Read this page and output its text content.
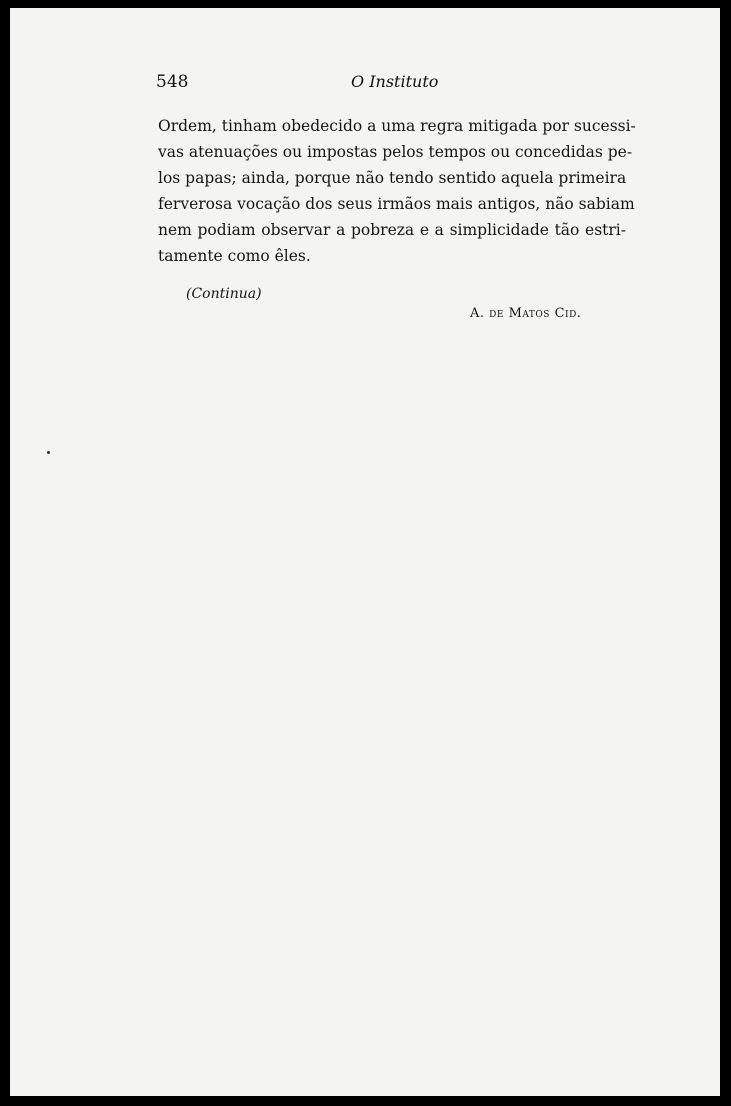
548	O Instituto
Ordem, tinham obedecido a uma regra mitigada por sucessi-
vas atenuações ou impostas pelos tempos ou concedidas pe-
los papas; ainda, porque não tendo sentido aquela primeira
ferverosa vocação dos seus irmãos mais antigos, não sabiam
nem podiam observar a pobreza e a simplicidade tão estri-
tamente como êles.
(Continua)
A. de Matos Cid.
